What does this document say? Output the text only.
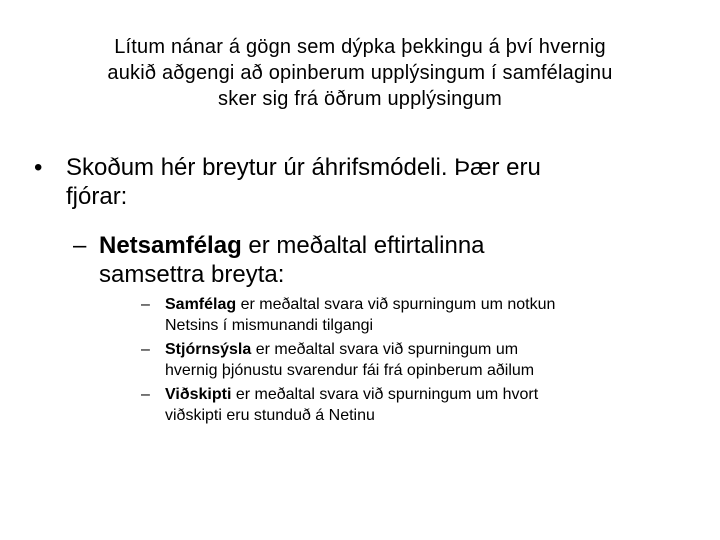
Lítum nánar á gögn sem dýpka þekkingu á því hvernig
aukið aðgengi að opinberum upplýsingum í samfélaginu
sker sig frá öðrum upplýsingum
• Skoðum hér breytur úr áhrifsmódeli. Þær eru
fjórar:
– Netsamfélag er meðaltal eftirtalinna
samsettra breyta:
– Samfélag er meðaltal svara við spurningum um notkun
Netsins í mismunandi tilgangi
– Stjórnsýsla er meðaltal svara við spurningum um
hvernig þjónustu svarendur fái frá opinberum aðilum
– Viðskipti er meðaltal svara við spurningum um hvort
viðskipti eru stunduð á Netinu
